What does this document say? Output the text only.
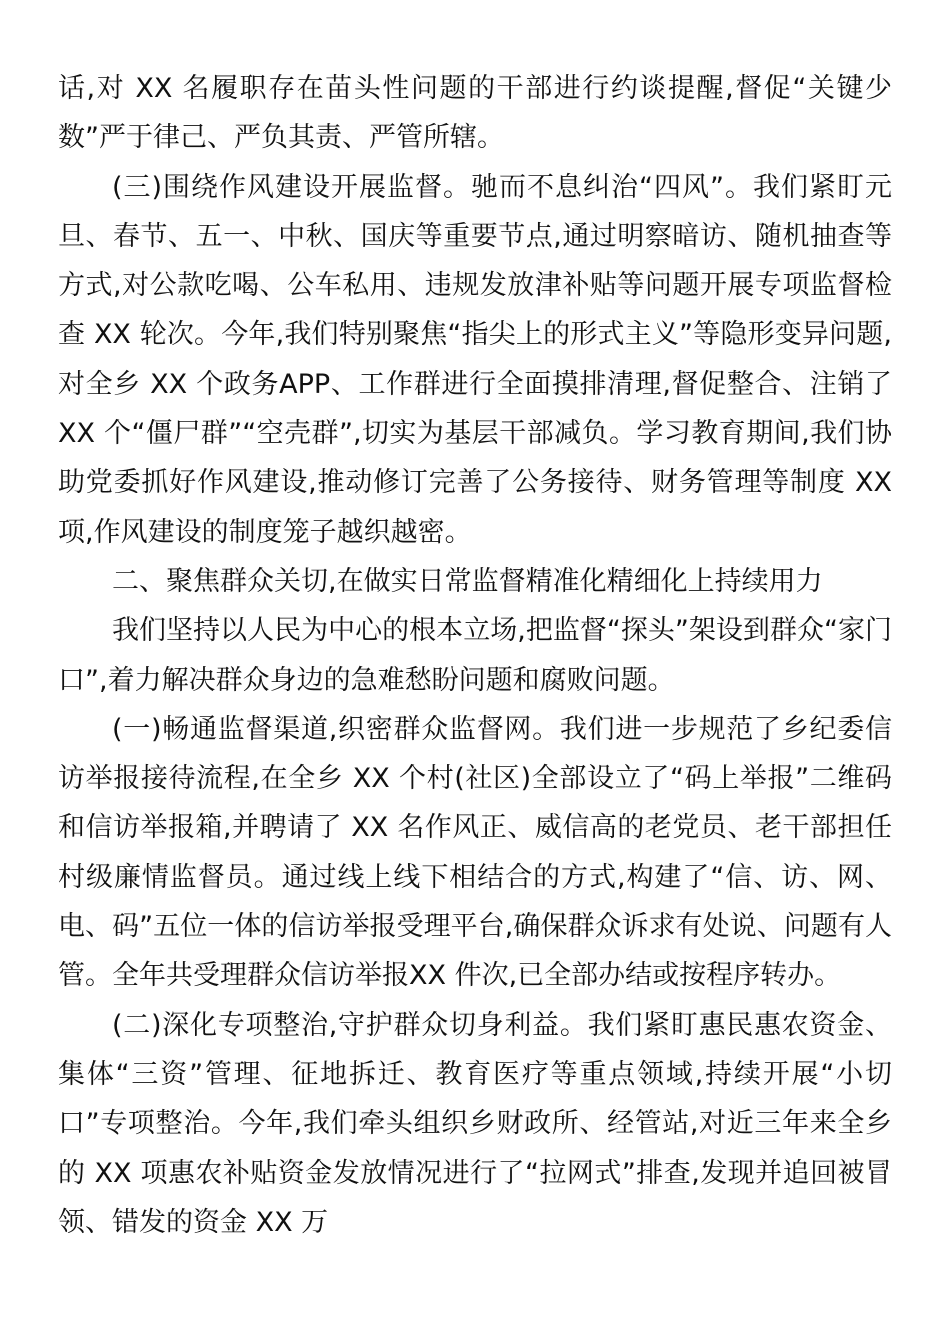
话,对 XX 名履职存在苗头性问题的干部进行约谈提醒,督促“关键少数”严于律己、严负其责、严管所辖。

(三)围绕作风建设开展监督。驰而不息纠治“四风”。我们紧盯元旦、春节、五一、中秋、国庆等重要节点,通过明察暗访、随机抽查等方式,对公款吃喝、公车私用、违规发放津补贴等问题开展专项监督检查 XX 轮次。今年,我们特别聚焦“指尖上的形式主义”等隐形变异问题,对全乡 XX 个政务APP、工作群进行全面摸排清理,督促整合、注销了 XX 个“僵尸群”“空壳群”,切实为基层干部减负。学习教育期间,我们协助党委抓好作风建设,推动修订完善了公务接待、财务管理等制度 XX 项,作风建设的制度笼子越织越密。

二、聚焦群众关切,在做实日常监督精准化精细化上持续用力

我们坚持以人民为中心的根本立场,把监督“探头”架设到群众“家门口”,着力解决群众身边的急难愁盼问题和腐败问题。

(一)畅通监督渠道,织密群众监督网。我们进一步规范了乡纪委信访举报接待流程,在全乡 XX 个村(社区)全部设立了“码上举报”二维码和信访举报箱,并聘请了 XX 名作风正、威信高的老党员、老干部担任村级廉情监督员。通过线上线下相结合的方式,构建了“信、访、网、电、码”五位一体的信访举报受理平台,确保群众诉求有处说、问题有人管。全年共受理群众信访举报XX 件次,已全部办结或按程序转办。

(二)深化专项整治,守护群众切身利益。我们紧盯惠民惠农资金、集体“三资”管理、征地拆迁、教育医疗等重点领域,持续开展“小切口”专项整治。今年,我们牵头组织乡财政所、经管站,对近三年来全乡的 XX 项惠农补贴资金发放情况进行了“拉网式”排查,发现并追回被冒领、错发的资金 XX 万
